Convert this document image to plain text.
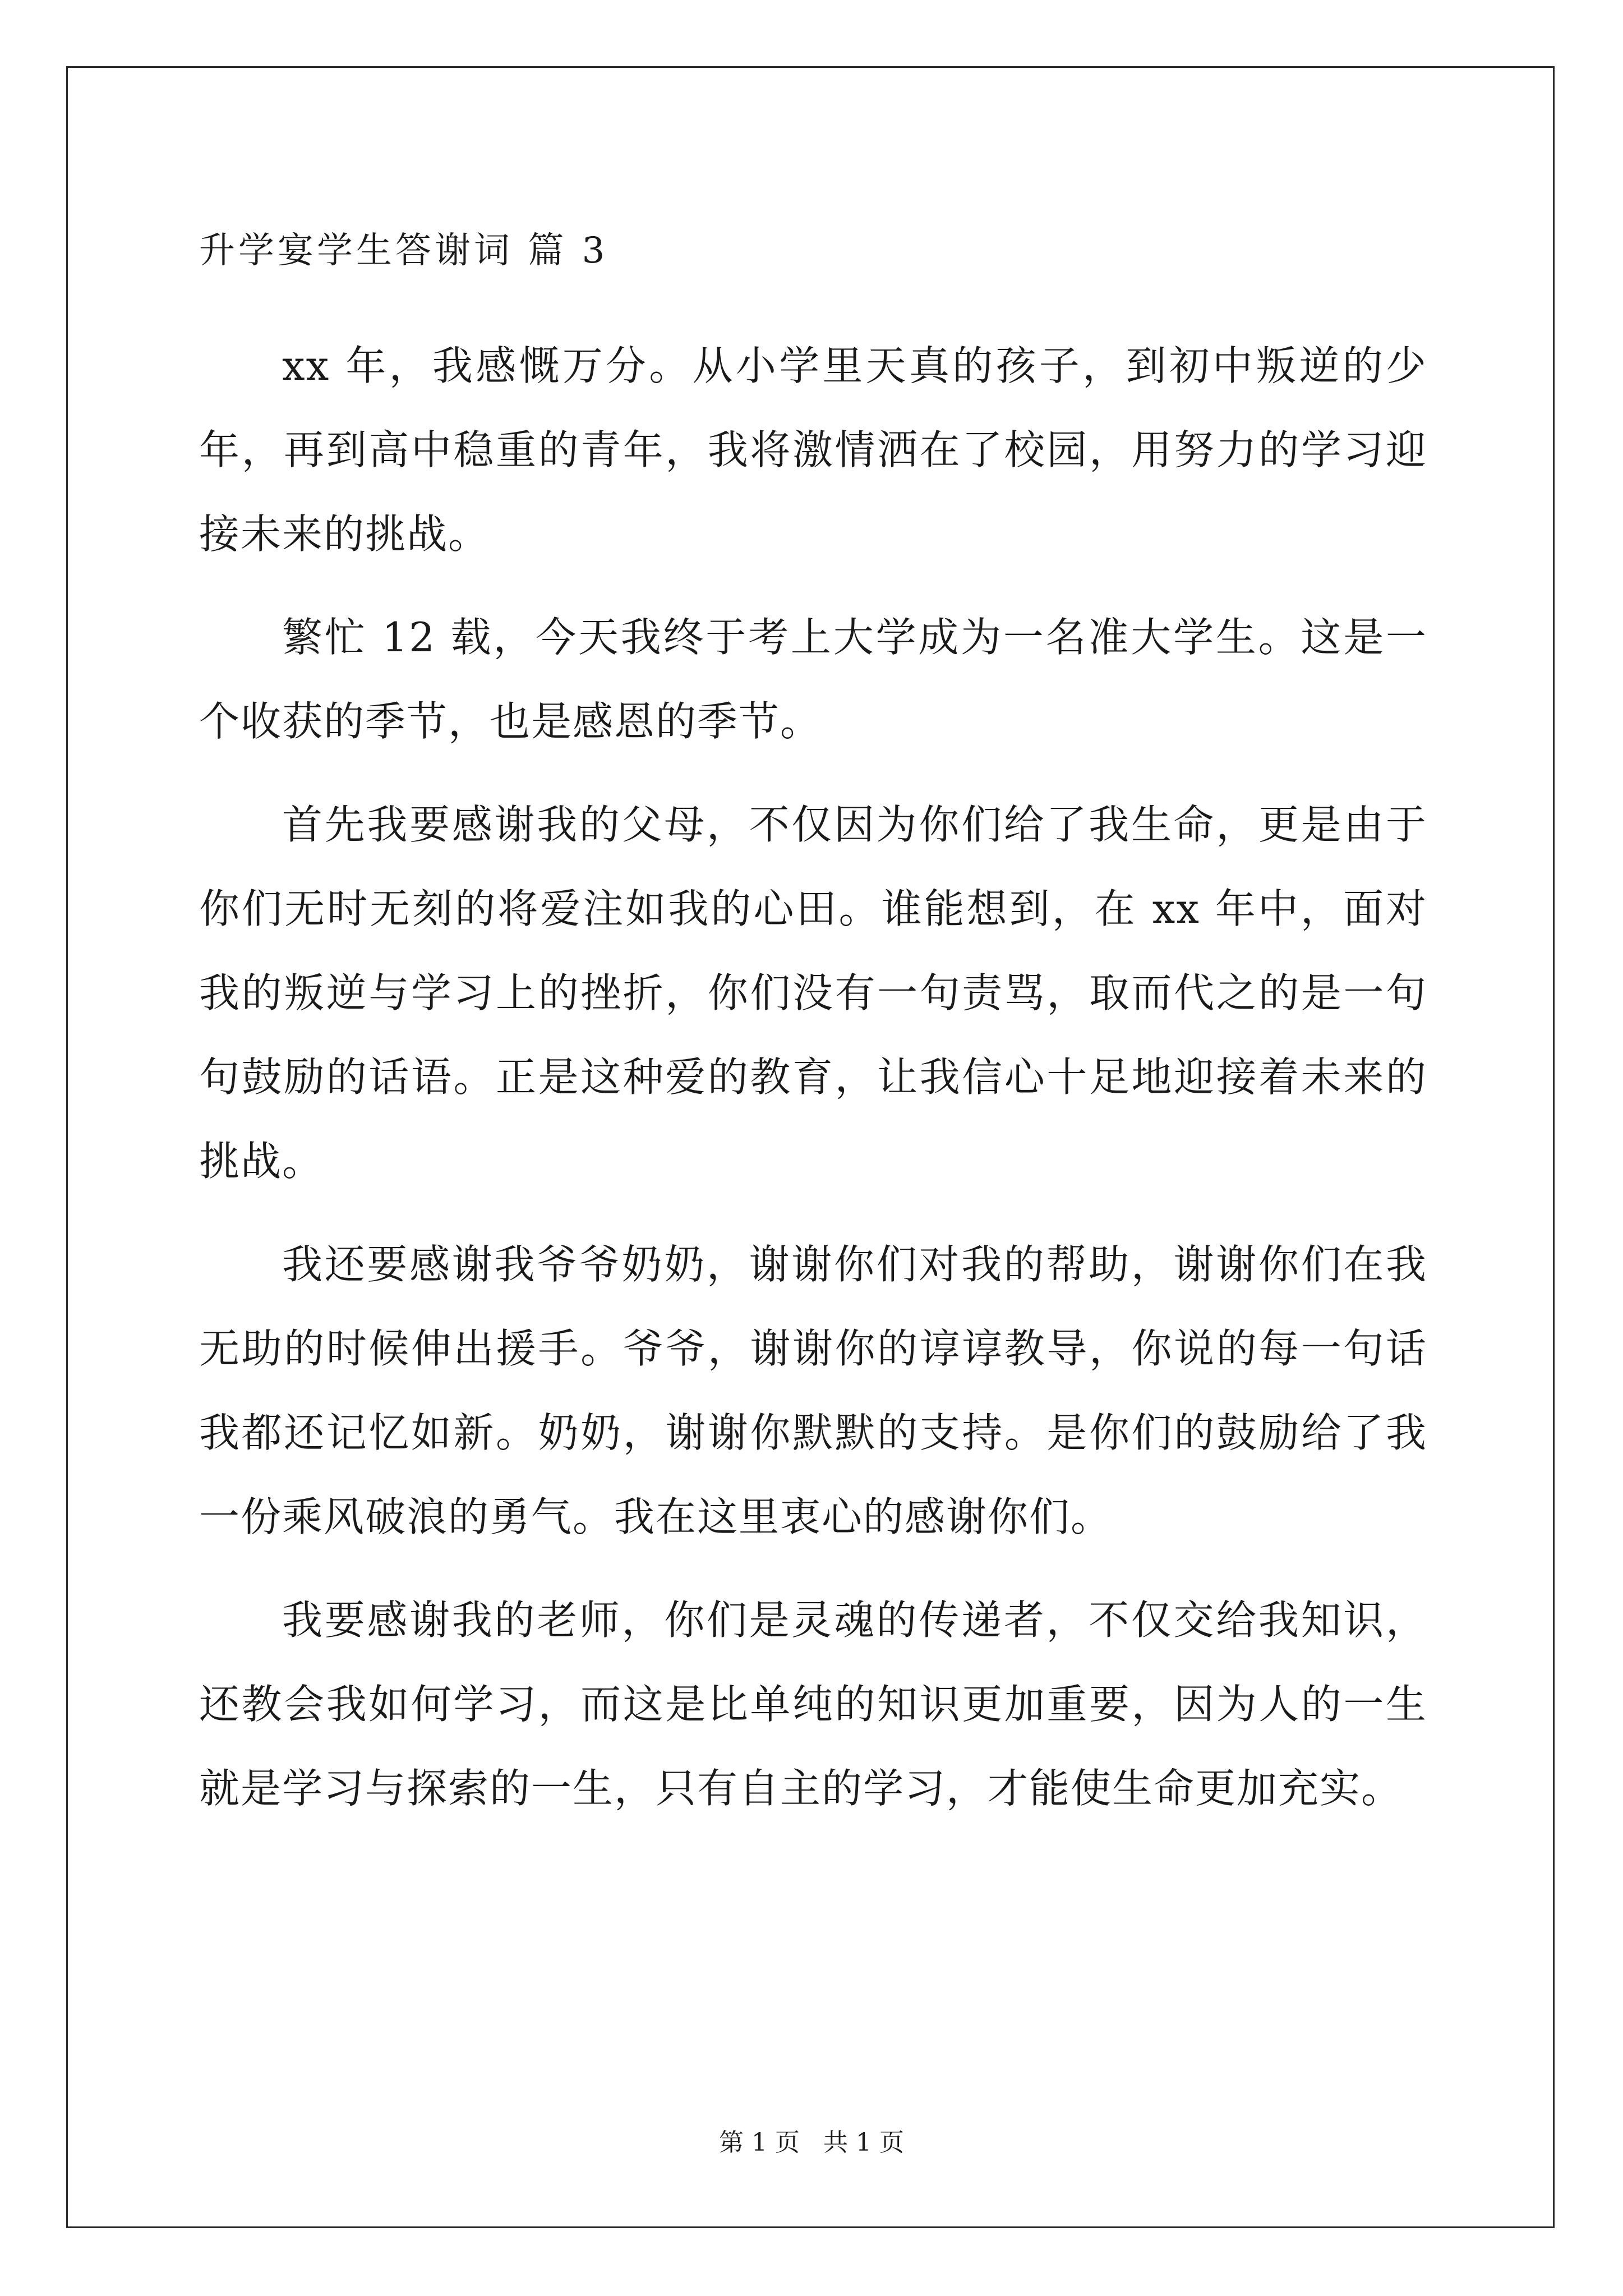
升学宴学生答谢词 篇 3

xx 年，我感慨万分。从小学里天真的孩子，到初中叛逆的少年，再到高中稳重的青年，我将激情洒在了校园，用努力的学习迎接未来的挑战。

繁忙 12 载，今天我终于考上大学成为一名准大学生。这是一个收获的季节，也是感恩的季节。

首先我要感谢我的父母，不仅因为你们给了我生命，更是由于你们无时无刻的将爱注如我的心田。谁能想到，在 xx 年中，面对我的叛逆与学习上的挫折，你们没有一句责骂，取而代之的是一句句鼓励的话语。正是这种爱的教育，让我信心十足地迎接着未来的挑战。

我还要感谢我爷爷奶奶，谢谢你们对我的帮助，谢谢你们在我无助的时候伸出援手。爷爷，谢谢你的谆谆教导，你说的每一句话我都还记忆如新。奶奶，谢谢你默默的支持。是你们的鼓励给了我一份乘风破浪的勇气。我在这里衷心的感谢你们。

我要感谢我的老师，你们是灵魂的传递者，不仅交给我知识，还教会我如何学习，而这是比单纯的知识更加重要，因为人的一生就是学习与探索的一生，只有自主的学习，才能使生命更加充实。

第 1 页   共 1 页
